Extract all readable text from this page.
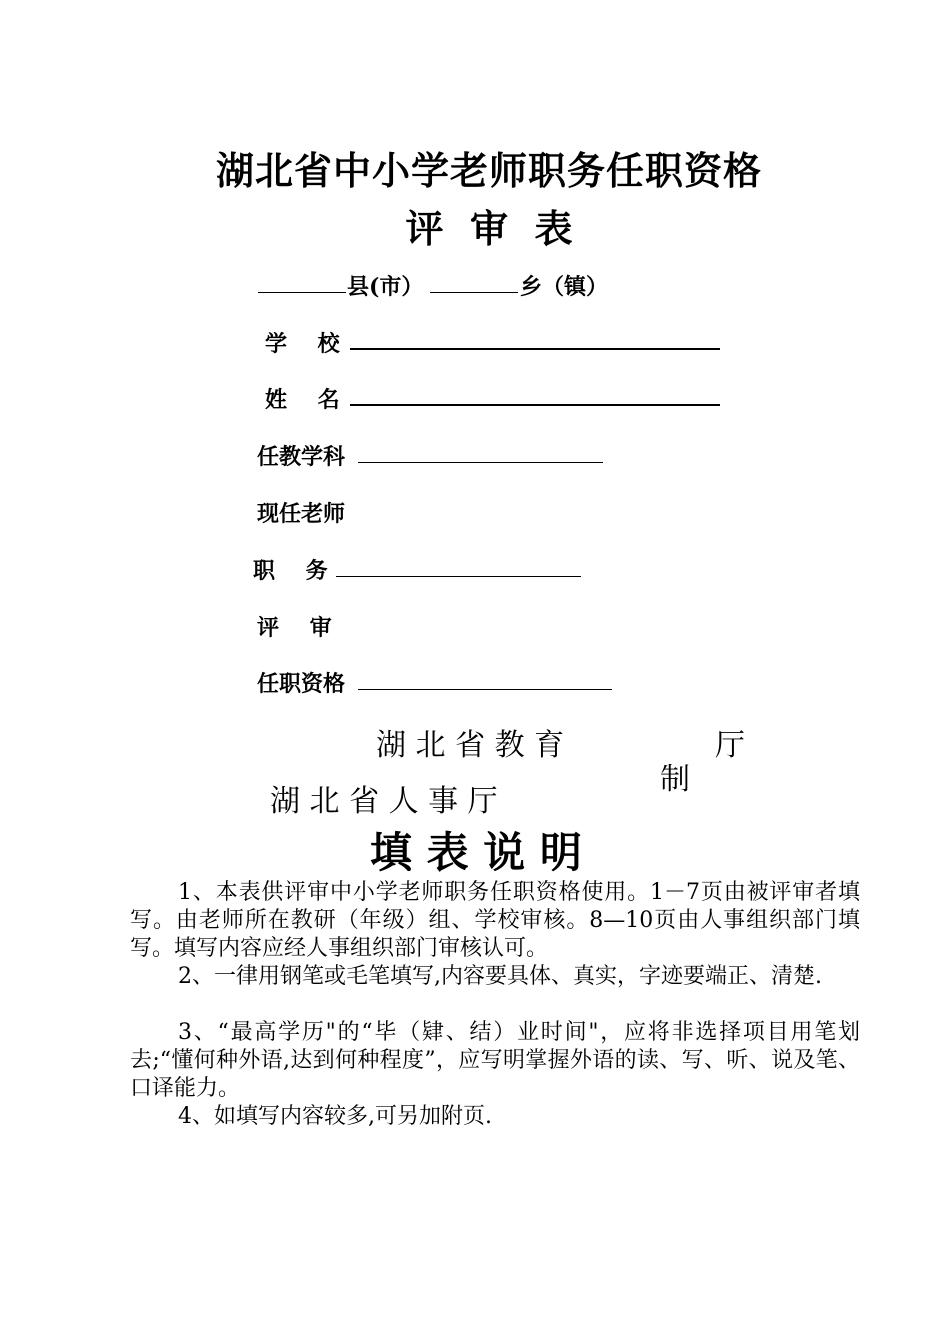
湖北省中小学老师职务任职资格
评  审  表
县(市）	乡（镇）
学    校
姓    名
任教学科
现任老师
职    务
评    审
任职资格
湖 北 省 教 育	厅
制
湖 北 省 人 事 厅
填 表 说 明
1、本表供评审中小学老师职务任职资格使用。1－7页由被评审者填写。由老师所在教研（年级）组、学校审核。8—10页由人事组织部门填写。填写内容应经人事组织部门审核认可。
2、一律用钢笔或毛笔填写,内容要具体、真实，字迹要端正、清楚.
3、“最高学历"的“毕（肄、结）业时间"，应将非选择项目用笔划去;“懂何种外语,达到何种程度”，应写明掌握外语的读、写、听、说及笔、口译能力。
4、如填写内容较多,可另加附页.
